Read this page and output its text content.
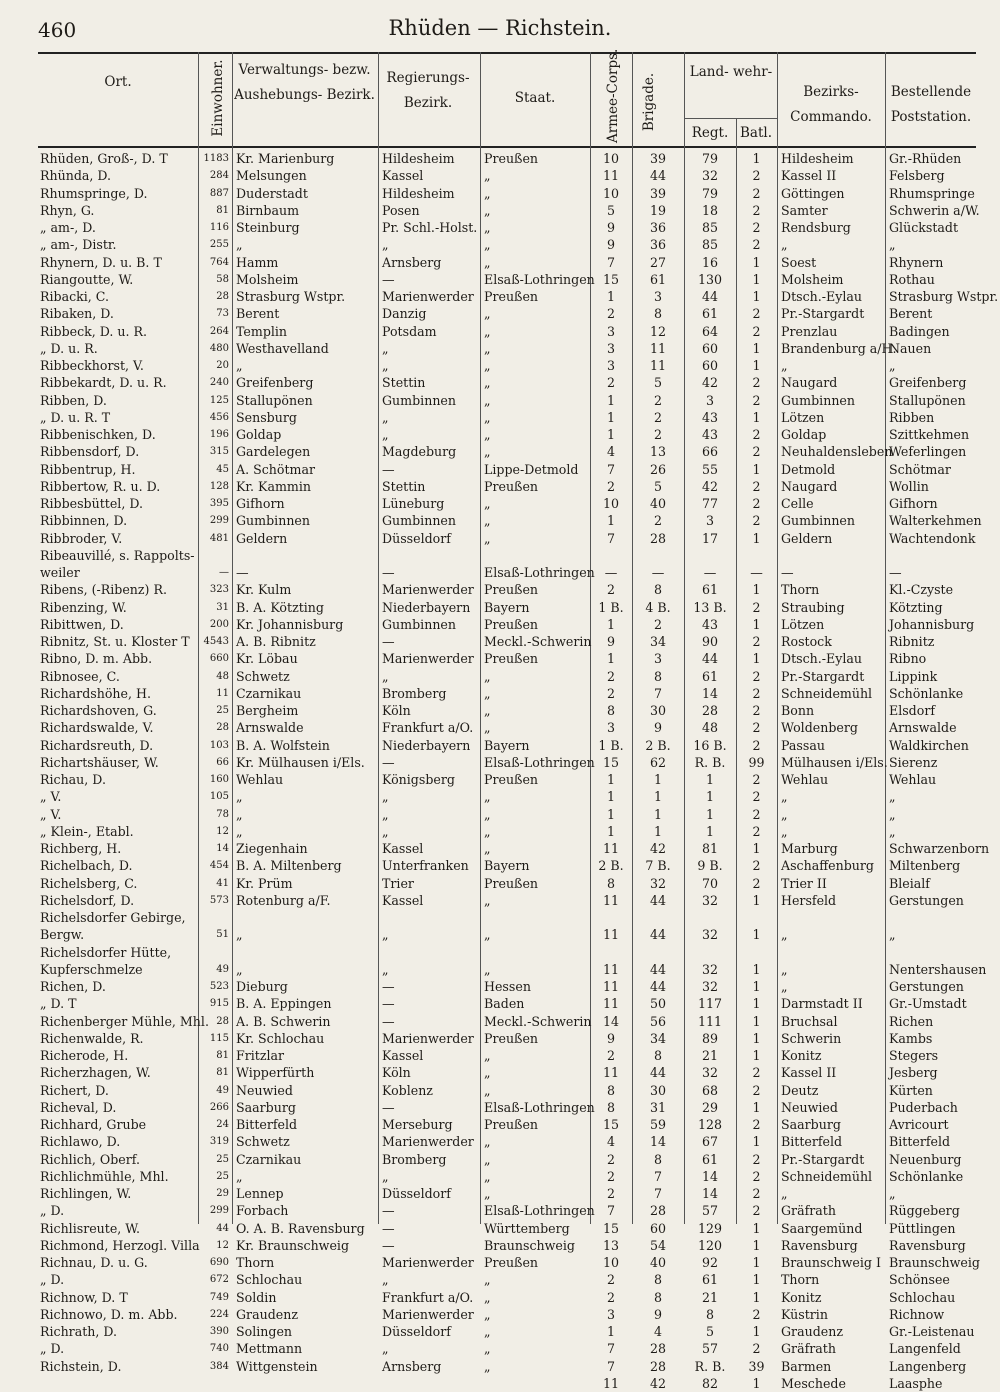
460	Rhüden — Richstein.
Ort.	Einwohner. Verwaltungs- bezw. Aushebungs- Bezirk.
Regierungs- Bezirk.	Staat.	Armee-Corps. Brigade.
Land- wehr-
Regt. Batl.
Bezirks- Commando.
Bestellende Poststation.
Rhüden, Groß-, D. T	1183	Kr. Marienburg	Hildesheim	Preußen	10	39	79	1	Hildesheim	Gr.-Rhüden
Rhünda, D.	284	Melsungen	Kassel	„	11	44	32	2	Kassel II	Felsberg
Rhumspringe, D.	887	Duderstadt	Hildesheim	„	10	39	79	2	Göttingen	Rhumspringe
Rhyn, G.	81	Birnbaum	Posen	„	5	19	18	2	Samter	Schwerin a/W.
„ am-, D.	116	Steinburg	Pr. Schl.-Holst.	„	9	36	85	2	Rendsburg	Glückstadt
„ am-, Distr.	255	„	„	„	9	36	85	2	„	„
Rhynern, D. u. B. T	764	Hamm	Arnsberg	„	7	27	16	1	Soest	Rhynern
Riangoutte, W.	58	Molsheim	—	Elsaß-Lothringen	15	61	130	1	Molsheim	Rothau
Ribacki, C.	28	Strasburg Wstpr.	Marienwerder	Preußen	1	3	44	1	Dtsch.-Eylau	Strasburg Wstpr.
Ribaken, D.	73	Berent	Danzig	„	2	8	61	2	Pr.-Stargardt	Berent
Ribbeck, D. u. R.	264	Templin	Potsdam	„	3	12	64	2	Prenzlau	Badingen
„ D. u. R.	480	Westhavelland	„	„	3	11	60	1	Brandenburg a/H.	Nauen
Ribbeckhorst, V.	20	„	„	„	3	11	60	1	„	„
Ribbekardt, D. u. R.	240	Greifenberg	Stettin	„	2	5	42	2	Naugard	Greifenberg
Ribben, D.	125	Stallupönen	Gumbinnen	„	1	2	3	2	Gumbinnen	Stallupönen
„ D. u. R. T	456	Sensburg	„	„	1	2	43	1	Lötzen	Ribben
Ribbenischken, D.	196	Goldap	„	„	1	2	43	2	Goldap	Szittkehmen
Ribbensdorf, D.	315	Gardelegen	Magdeburg	„	4	13	66	2	Neuhaldensleben	Weferlingen
Ribbentrup, H.	45	A. Schötmar	—	Lippe-Detmold	7	26	55	1	Detmold	Schötmar
Ribbertow, R. u. D.	128	Kr. Kammin	Stettin	Preußen	2	5	42	2	Naugard	Wollin
Ribbesbüttel, D.	395	Gifhorn	Lüneburg	„	10	40	77	2	Celle	Gifhorn
Ribbinnen, D.	299	Gumbinnen	Gumbinnen	„	1	2	3	2	Gumbinnen	Walterkehmen
Ribbroder, V.	481	Geldern	Düsseldorf	„	7	28	17	1	Geldern	Wachtendonk
Ribeauvillé, s. Rappolts-										
weiler	—	—	—	Elsaß-Lothringen	—	—	—	—	—	—
Ribens, (-Ribenz) R.	323	Kr. Kulm	Marienwerder	Preußen	2	8	61	1	Thorn	Kl.-Czyste
Ribenzing, W.	31	B. A. Kötzting	Niederbayern	Bayern	1 B.	4 B.	13 B.	2	Straubing	Kötzting
Ribittwen, D.	200	Kr. Johannisburg	Gumbinnen	Preußen	1	2	43	1	Lötzen	Johannisburg
Ribnitz, St. u. Kloster T	4543	A. B. Ribnitz	—	Meckl.-Schwerin	9	34	90	2	Rostock	Ribnitz
Ribno, D. m. Abb.	660	Kr. Löbau	Marienwerder	Preußen	1	3	44	1	Dtsch.-Eylau	Ribno
Ribnosee, C.	48	Schwetz	„	„	2	8	61	2	Pr.-Stargardt	Lippink
Richardshöhe, H.	11	Czarnikau	Bromberg	„	2	7	14	2	Schneidemühl	Schönlanke
Richardshoven, G.	25	Bergheim	Köln	„	8	30	28	2	Bonn	Elsdorf
Richardswalde, V.	28	Arnswalde	Frankfurt a/O.	„	3	9	48	2	Woldenberg	Arnswalde
Richardsreuth, D.	103	B. A. Wolfstein	Niederbayern	Bayern	1 B.	2 B.	16 B.	2	Passau	Waldkirchen
Richartshäuser, W.	66	Kr. Mülhausen i/Els.	—	Elsaß-Lothringen	15	62	R. B.	99	Mülhausen i/Els.	Sierenz
Richau, D.	160	Wehlau	Königsberg	Preußen	1	1	1	2	Wehlau	Wehlau
„ V.	105	„	„	„	1	1	1	2	„	„
„ V.	78	„	„	„	1	1	1	2	„	„
„ Klein-, Etabl.	12	„	„	„	1	1	1	2	„	„
Richberg, H.	14	Ziegenhain	Kassel	„	11	42	81	1	Marburg	Schwarzenborn
Richelbach, D.	454	B. A. Miltenberg	Unterfranken	Bayern	2 B.	7 B.	9 B.	2	Aschaffenburg	Miltenberg
Richelsberg, C.	41	Kr. Prüm	Trier	Preußen	8	32	70	2	Trier II	Bleialf
Richelsdorf, D.	573	Rotenburg a/F.	Kassel	„	11	44	32	1	Hersfeld	Gerstungen
Richelsdorfer Gebirge,										
Bergw.	51	„	„	„	11	44	32	1	„	„
Richelsdorfer Hütte,										
Kupferschmelze	49	„	„	„	11	44	32	1	„	Nentershausen
Richen, D.	523	Dieburg	—	Hessen	11	44	32	1	„	Gerstungen
„ D. T	915	B. A. Eppingen	—	Baden	11	50	117	1	Darmstadt II	Gr.-Umstadt
Richenberger Mühle, Mhl.	28	A. B. Schwerin	—	Meckl.-Schwerin	14	56	111	1	Bruchsal	Richen
Richenwalde, R.	115	Kr. Schlochau	Marienwerder	Preußen	9	34	89	1	Schwerin	Kambs
Richerode, H.	81	Fritzlar	Kassel	„	2	8	21	1	Konitz	Stegers
Richerzhagen, W.	81	Wipperfürth	Köln	„	11	44	32	2	Kassel II	Jesberg
Richert, D.	49	Neuwied	Koblenz	„	8	30	68	2	Deutz	Kürten
Richeval, D.	266	Saarburg	—	Elsaß-Lothringen	8	31	29	1	Neuwied	Puderbach
Richhard, Grube	24	Bitterfeld	Merseburg	Preußen	15	59	128	2	Saarburg	Avricourt
Richlawo, D.	319	Schwetz	Marienwerder	„	4	14	67	1	Bitterfeld	Bitterfeld
Richlich, Oberf.	25	Czarnikau	Bromberg	„	2	8	61	2	Pr.-Stargardt	Neuenburg
Richlichmühle, Mhl.	25	„	„	„	2	7	14	2	Schneidemühl	Schönlanke
Richlingen, W.	29	Lennep	Düsseldorf	„	2	7	14	2	„	„
„ D.	299	Forbach	—	Elsaß-Lothringen	7	28	57	2	Gräfrath	Rüggeberg
Richlisreute, W.	44	O. A. B. Ravensburg	—	Württemberg	15	60	129	1	Saargemünd	Püttlingen
Richmond, Herzogl. Villa	12	Kr. Braunschweig	—	Braunschweig	13	54	120	1	Ravensburg	Ravensburg
Richnau, D. u. G.	690	Thorn	Marienwerder	Preußen	10	40	92	1	Braunschweig I	Braunschweig
„ D.	672	Schlochau	„	„	2	8	61	1	Thorn	Schönsee
Richnow, D. T	749	Soldin	Frankfurt a/O.	„	2	8	21	1	Konitz	Schlochau
Richnowo, D. m. Abb.	224	Graudenz	Marienwerder	„	3	9	8	2	Küstrin	Richnow
Richrath, D.	390	Solingen	Düsseldorf	„	1	4	5	1	Graudenz	Gr.-Leistenau
„ D.	740	Mettmann	„	„	7	28	57	2	Gräfrath	Langenfeld
Richstein, D.	384	Wittgenstein	Arnsberg	„	7	28	R. B.	39	Barmen	Langenberg
					11	42	82	1	Meschede	Laasphe
